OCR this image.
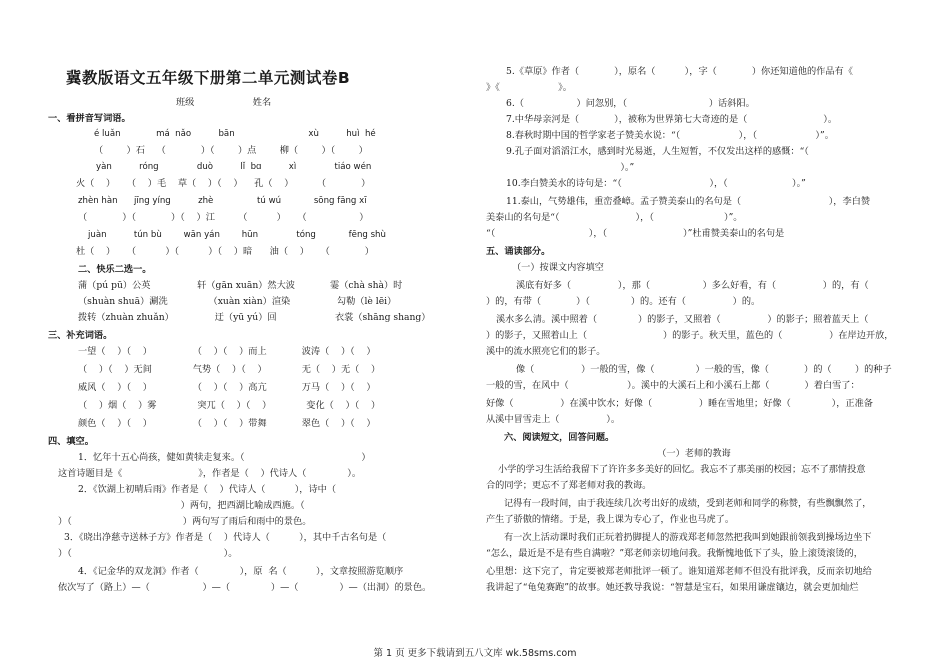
冀教版语文五年级下册第二单元测试卷B
班级                    姓名
一、看拼音写词语。
é luǎn             má  nǎo          bān                           xù          huì  hé
（        ）石    （            ）（        ）点        柳（        ）（        ）
yàn          róng              duò          lǐ  bɑ          xì              tiáo wén
火（    ）    （    ）毛    草（    ）（    ）    孔（    ）        （            ）
zhèn hàn      jīng yíng          zhè                tú wú            sōng fāng xī
（            ）（            ）（    ）江        （          ）    （                  ）
juàn          tún bù        wān yán        hūn              tóng            fēng shù
杜（    ）    （          ）（          ）（    ）暗      油（    ）    （            ）
二、快乐二选一。
蒲（pú pū）公英                轩（gān xuān）然大波            霎（chà shà）时
（shuàn shuā）涮洗              （xuàn xiàn）渲染                勾勒（lè lēi）
拨转（zhuàn zhuǎn）              迂（yū yú）回                    衣裳（shāng shang）
三、补充词语。
一望（    ）（    ）              （    ）（    ）而上            波涛（    ）（    ）
（    ）（    ）无间              气势（    ）（    ）            无（    ）无（    ）
威风（    ）（    ）              （    ）（    ）高亢            万马（    ）（    ）
（    ）烟（    ）雾              突兀（    ）（    ）            变化（    ）（    ）
颜色（    ）（    ）              （    ）（    ）带舞            翠色（    ）（    ）
四、填空。
1．忆年十五心尚孩，健如黄犊走复来。（                                        ）
这首诗题目是《                          》，作者是（    ）代诗人（              ）。
2．《饮湖上初晴后雨》作者是（    ）代诗人（          ），诗中（
）两句，把西湖比喻成西施。（
）（                                      ）两句写了雨后和雨中的景色。
3．《晓出净慈寺送林子方》作者是（    ）代诗人（          ），其中千古名句是（
）（                                                    ）。
4．《记金华的双龙洞》作者（              ），原  名（          ），文章按照游览顺序
依次写了（路上）—（                  ）—（              ）—（              ）—（出洞）的景色。
5.《草原》作者（            ），原名（          ），字（            ）你还知道他的作品有《
》《                    》。
6.（                  ）问忽别，（                            ）话斜阳。
7.中华母亲河是（            ），被称为世界第七大奇迹的是（                          ）。
8.春秋时期中国的哲学家老子赞美水说：“（                    ），（                    ）”。
9.孔子面对滔滔江水，感到时光易逝，人生短暂，不仅发出这样的感慨：“（
）。”
10.李白赞美水的诗句是：“（                              ），（                      ）。”
11.泰山，气势雄伟，重峦叠嶂。孟子赞美泰山的名句是（                              ），李白赞
美泰山的名句是“（                          ），（                        ）”。
“（                                ），（                          ）”杜甫赞美泰山的名句是
五、诵读部分。
（一）按课文内容填空
溪底有好多（                ），那（                  ）多么好看，有（                ）的，有（
）的，有带（            ）（              ）的。还有（                ）的。
溪水多么清。溪中照着（              ）的影子，又照着（                ）的影子；照着蓝天上（
）的影子，又照着山上（                          ）的影子。秋天里，蓝色的（                ）在岸边开放，
溪中的流水照亮它们的影子。
像（                ）一般的雪，像（              ）一般的雪，像（            ）的（        ）的种子
一般的雪，在风中（                    ）。溪中的大溪石上和小溪石上都（            ）着白雪了：
好像（                ）在溪中饮水；好像（                ）睡在雪地里；好像（              ），正准备
从溪中冒雪走上（                ）。
六、阅读短文，回答问题。
（一）老师的教诲
小学的学习生活给我留下了许许多多美好的回忆。我忘不了那美丽的校园；忘不了那情投意
合的同学；更忘不了郑老师对我的教诲。
记得有一段时间，由于我连续几次考出好的成绩，受到老师和同学的称赞，有些飘飘然了，
产生了骄傲的情绪。于是，我上课为专心了，作业也马虎了。
有一次上活动课时我们正玩着扔脚提人的游戏郑老师忽然把我叫到她跟前领我到操场边坐下
“怎么，最近是不是有些自满啦？”郑老师亲切地问我。我惭愧地低下了头，脸上滚烫滚烫的，
心里想：这下完了，肯定要被郑老师批评一顿了。谁知道郑老师不但没有批评我，反而亲切地给
我讲起了“龟兔赛跑”的故事。她还教导我说：“智慧是宝石，如果用谦虚镶边，就会更加灿烂
第 1 页 更多下载请到五八文库 wk.58sms.com
